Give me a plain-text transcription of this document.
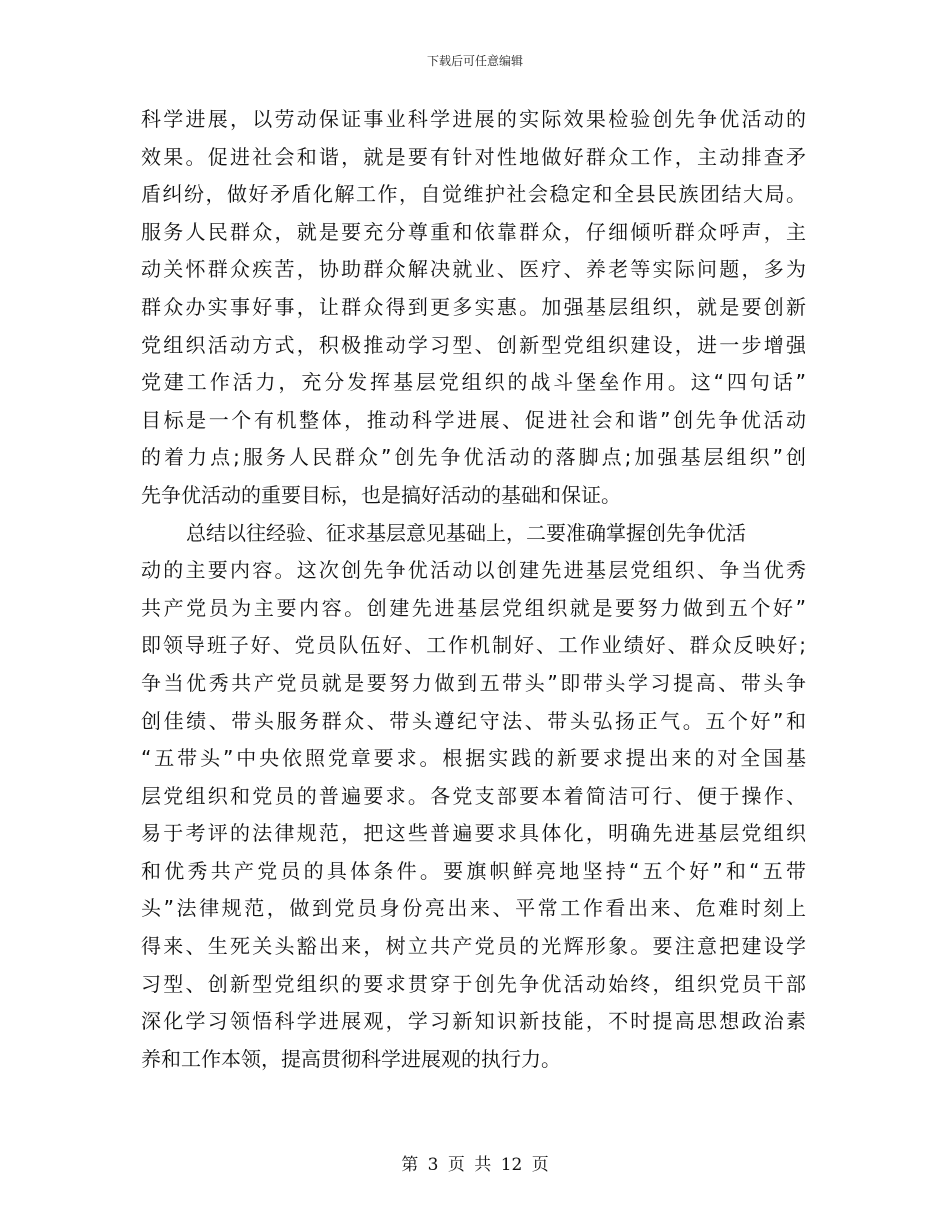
下载后可任意编辑
科学进展，以劳动保证事业科学进展的实际效果检验创先争优活动的
效果。促进社会和谐，就是要有针对性地做好群众工作，主动排查矛
盾纠纷，做好矛盾化解工作，自觉维护社会稳定和全县民族团结大局。
服务人民群众，就是要充分尊重和依靠群众，仔细倾听群众呼声，主
动关怀群众疾苦，协助群众解决就业、医疗、养老等实际问题，多为
群众办实事好事，让群众得到更多实惠。加强基层组织，就是要创新
党组织活动方式，积极推动学习型、创新型党组织建设，进一步增强
党建工作活力，充分发挥基层党组织的战斗堡垒作用。这“四句话”
目标是一个有机整体，推动科学进展、促进社会和谐”创先争优活动
的着力点;服务人民群众”创先争优活动的落脚点;加强基层组织”创
先争优活动的重要目标，也是搞好活动的基础和保证。
总结以往经验、征求基层意见基础上，二要准确掌握创先争优活
动的主要内容。这次创先争优活动以创建先进基层党组织、争当优秀
共产党员为主要内容。创建先进基层党组织就是要努力做到五个好”
即领导班子好、党员队伍好、工作机制好、工作业绩好、群众反映好;
争当优秀共产党员就是要努力做到五带头”即带头学习提高、带头争
创佳绩、带头服务群众、带头遵纪守法、带头弘扬正气。五个好”和
“五带头”中央依照党章要求。根据实践的新要求提出来的对全国基
层党组织和党员的普遍要求。各党支部要本着简洁可行、便于操作、
易于考评的法律规范，把这些普遍要求具体化，明确先进基层党组织
和优秀共产党员的具体条件。要旗帜鲜亮地坚持“五个好”和“五带
头”法律规范，做到党员身份亮出来、平常工作看出来、危难时刻上
得来、生死关头豁出来，树立共产党员的光辉形象。要注意把建设学
习型、创新型党组织的要求贯穿于创先争优活动始终，组织党员干部
深化学习领悟科学进展观，学习新知识新技能，不时提高思想政治素
养和工作本领，提高贯彻科学进展观的执行力。
第 3 页 共 12 页
